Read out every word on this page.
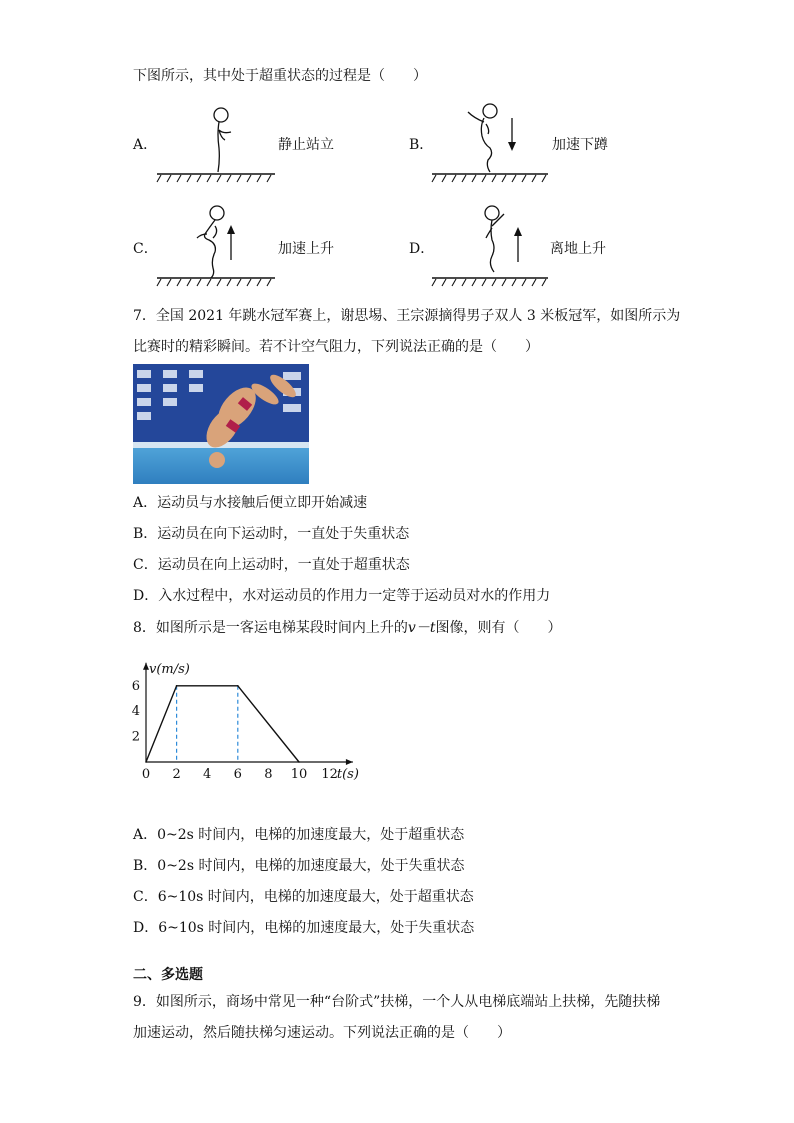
下图所示，其中处于超重状态的过程是（　　）
A．	静止站立	B．	加速下蹲
C．	加速上升	D．	离地上升
7．全国 2021 年跳水冠军赛上，谢思埸、王宗源摘得男子双人 3 米板冠军，如图所示为
比赛时的精彩瞬间。若不计空气阻力，下列说法正确的是（　　）
A．运动员与水接触后便立即开始减速
B．运动员在向下运动时，一直处于失重状态
C．运动员在向上运动时，一直处于超重状态
D．入水过程中，水对运动员的作用力一定等于运动员对水的作用力
8．如图所示是一客运电梯某段时间内上升的v－t图像，则有（　　）
0 2 4 6 8 10 12
2
4
6
v(m/s)
t(s)
A．0~2s 时间内，电梯的加速度最大，处于超重状态
B．0~2s 时间内，电梯的加速度最大，处于失重状态
C．6~10s 时间内，电梯的加速度最大，处于超重状态
D．6~10s 时间内，电梯的加速度最大，处于失重状态
二、多选题
9．如图所示，商场中常见一种“台阶式”扶梯，一个人从电梯底端站上扶梯，先随扶梯
加速运动，然后随扶梯匀速运动。下列说法正确的是（　　）
